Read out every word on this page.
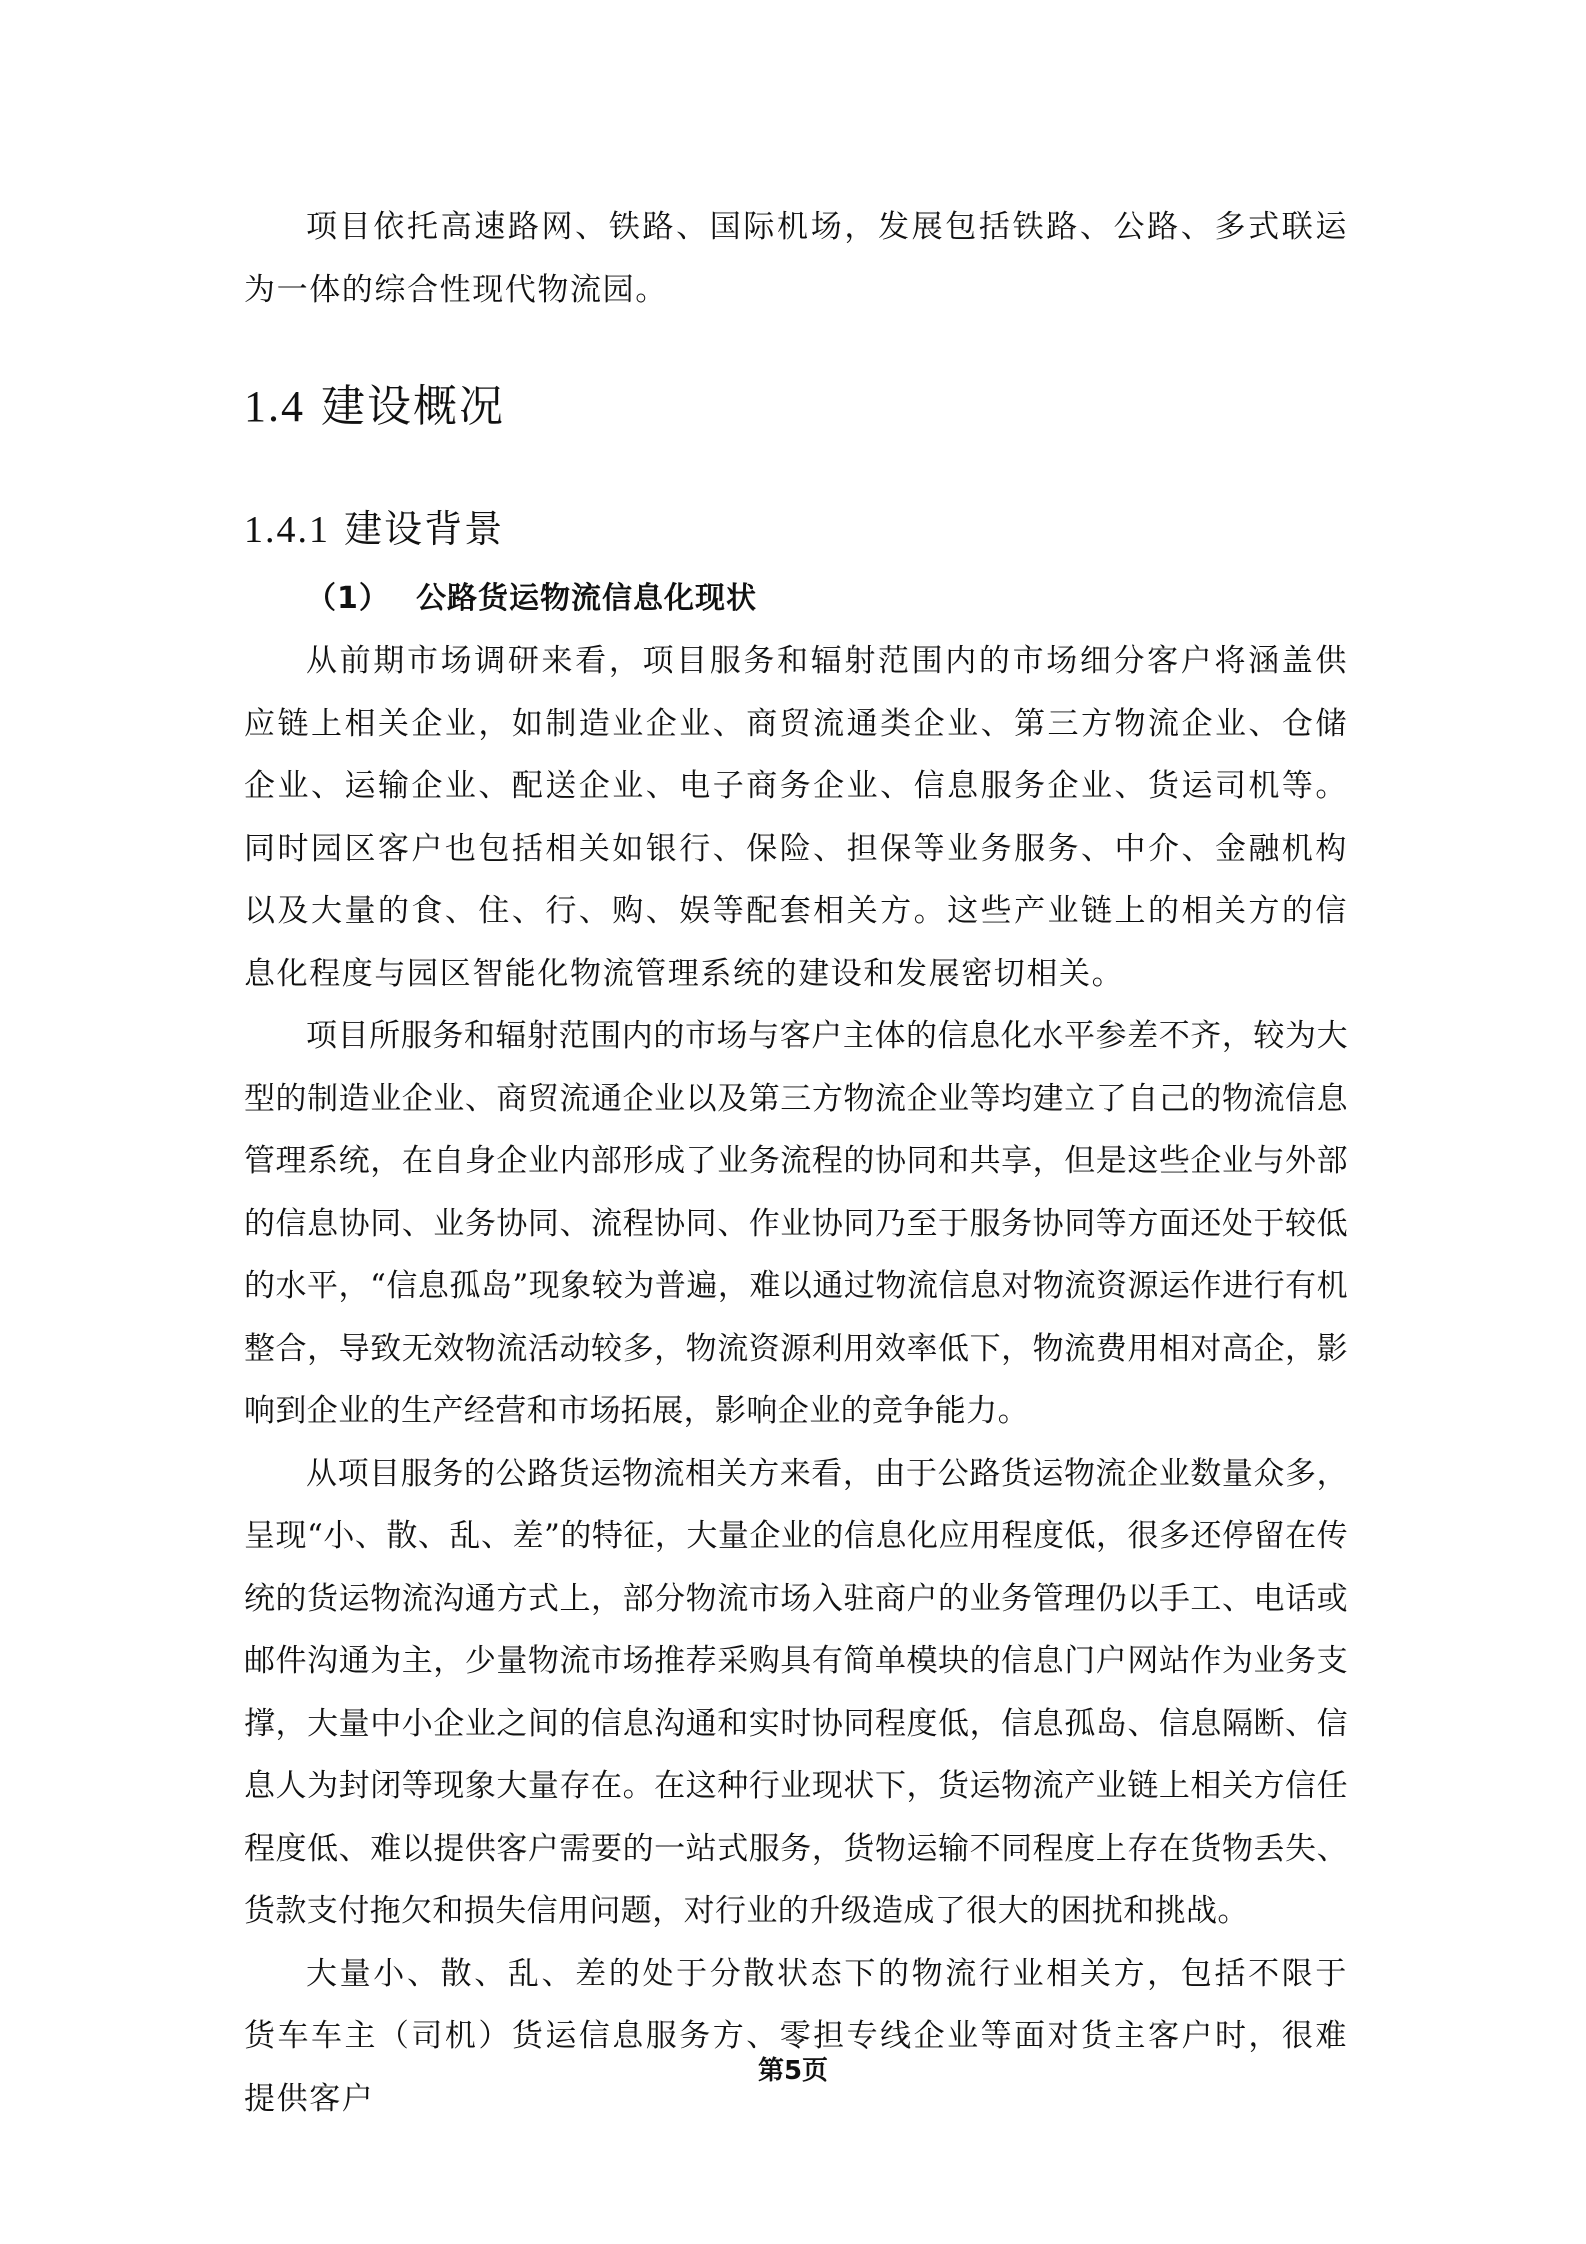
项目依托高速路网、铁路、国际机场，发展包括铁路、公路、多式联运为一体的综合性现代物流园。

1.4 建设概况
1.4.1 建设背景
（1） 公路货运物流信息化现状

从前期市场调研来看，项目服务和辐射范围内的市场细分客户将涵盖供应链上相关企业，如制造业企业、商贸流通类企业、第三方物流企业、仓储企业、运输企业、配送企业、电子商务企业、信息服务企业、货运司机等。同时园区客户也包括相关如银行、保险、担保等业务服务、中介、金融机构以及大量的食、住、行、购、娱等配套相关方。这些产业链上的相关方的信息化程度与园区智能化物流管理系统的建设和发展密切相关。

项目所服务和辐射范围内的市场与客户主体的信息化水平参差不齐，较为大型的制造业企业、商贸流通企业以及第三方物流企业等均建立了自己的物流信息管理系统，在自身企业内部形成了业务流程的协同和共享，但是这些企业与外部的信息协同、业务协同、流程协同、作业协同乃至于服务协同等方面还处于较低的水平，“信息孤岛”现象较为普遍，难以通过物流信息对物流资源运作进行有机整合，导致无效物流活动较多，物流资源利用效率低下，物流费用相对高企，影响到企业的生产经营和市场拓展，影响企业的竞争能力。

从项目服务的公路货运物流相关方来看，由于公路货运物流企业数量众多，呈现“小、散、乱、差”的特征，大量企业的信息化应用程度低，很多还停留在传统的货运物流沟通方式上，部分物流市场入驻商户的业务管理仍以手工、电话或邮件沟通为主，少量物流市场推荐采购具有简单模块的信息门户网站作为业务支撑，大量中小企业之间的信息沟通和实时协同程度低，信息孤岛、信息隔断、信息人为封闭等现象大量存在。在这种行业现状下，货运物流产业链上相关方信任程度低、难以提供客户需要的一站式服务，货物运输不同程度上存在货物丢失、货款支付拖欠和损失信用问题，对行业的升级造成了很大的困扰和挑战。

大量小、散、乱、差的处于分散状态下的物流行业相关方，包括不限于货车车主（司机）货运信息服务方、零担专线企业等面对货主客户时，很难提供客户

第5页
